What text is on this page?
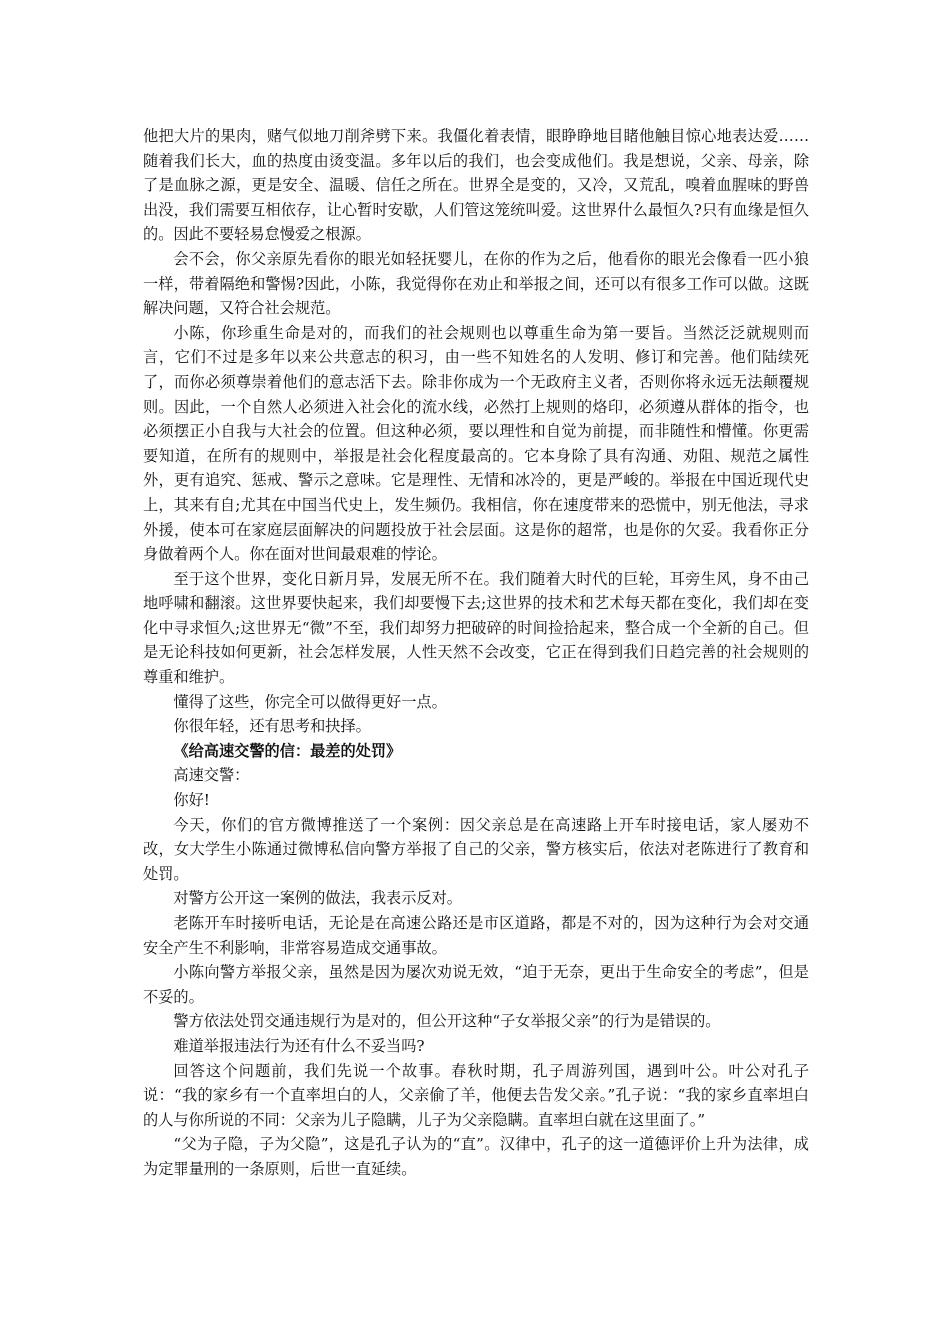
他把大片的果肉，赌气似地刀削斧劈下来。我僵化着表情，眼睁睁地目睹他触目惊心地表达爱……随着我们长大，血的热度由烫变温。多年以后的我们，也会变成他们。我是想说，父亲、母亲，除了是血脉之源，更是安全、温暖、信任之所在。世界全是变的，又冷，又荒乱，嗅着血腥味的野兽出没，我们需要互相依存，让心暂时安歇，人们管这笼统叫爱。这世界什么最恒久?只有血缘是恒久的。因此不要轻易怠慢爱之根源。

会不会，你父亲原先看你的眼光如轻抚婴儿，在你的作为之后，他看你的眼光会像看一匹小狼一样，带着隔绝和警惕?因此，小陈，我觉得你在劝止和举报之间，还可以有很多工作可以做。这既解决问题，又符合社会规范。

小陈，你珍重生命是对的，而我们的社会规则也以尊重生命为第一要旨。当然泛泛就规则而言，它们不过是多年以来公共意志的积习，由一些不知姓名的人发明、修订和完善。他们陆续死了，而你必须尊崇着他们的意志活下去。除非你成为一个无政府主义者，否则你将永远无法颠覆规则。因此，一个自然人必须进入社会化的流水线，必然打上规则的烙印，必须遵从群体的指令，也必须摆正小自我与大社会的位置。但这种必须，要以理性和自觉为前提，而非随性和懵懂。你更需要知道，在所有的规则中，举报是社会化程度最高的。它本身除了具有沟通、劝阻、规范之属性外，更有追究、惩戒、警示之意味。它是理性、无情和冰冷的，更是严峻的。举报在中国近现代史上，其来有自;尤其在中国当代史上，发生频仍。我相信，你在速度带来的恐慌中，别无他法，寻求外援，使本可在家庭层面解决的问题投放于社会层面。这是你的超常，也是你的欠妥。我看你正分身做着两个人。你在面对世间最艰难的悖论。

至于这个世界，变化日新月异，发展无所不在。我们随着大时代的巨轮，耳旁生风，身不由己地呼啸和翻滚。这世界要快起来，我们却要慢下去;这世界的技术和艺术每天都在变化，我们却在变化中寻求恒久;这世界无“微”不至，我们却努力把破碎的时间捡拾起来，整合成一个全新的自己。但是无论科技如何更新，社会怎样发展，人性天然不会改变，它正在得到我们日趋完善的社会规则的尊重和维护。

懂得了这些，你完全可以做得更好一点。

你很年轻，还有思考和抉择。

《给高速交警的信：最差的处罚》

高速交警：

你好!

今天，你们的官方微博推送了一个案例：因父亲总是在高速路上开车时接电话，家人屡劝不改，女大学生小陈通过微博私信向警方举报了自己的父亲，警方核实后，依法对老陈进行了教育和处罚。

对警方公开这一案例的做法，我表示反对。

老陈开车时接听电话，无论是在高速公路还是市区道路，都是不对的，因为这种行为会对交通安全产生不利影响，非常容易造成交通事故。

小陈向警方举报父亲，虽然是因为屡次劝说无效，“迫于无奈，更出于生命安全的考虑”，但是不妥的。

警方依法处罚交通违规行为是对的，但公开这种“子女举报父亲”的行为是错误的。

难道举报违法行为还有什么不妥当吗?

回答这个问题前，我们先说一个故事。春秋时期，孔子周游列国，遇到叶公。叶公对孔子说：“我的家乡有一个直率坦白的人，父亲偷了羊，他便去告发父亲。”孔子说：“我的家乡直率坦白的人与你所说的不同：父亲为儿子隐瞒，儿子为父亲隐瞒。直率坦白就在这里面了。”

“父为子隐，子为父隐”，这是孔子认为的“直”。汉律中，孔子的这一道德评价上升为法律，成为定罪量刑的一条原则，后世一直延续。
